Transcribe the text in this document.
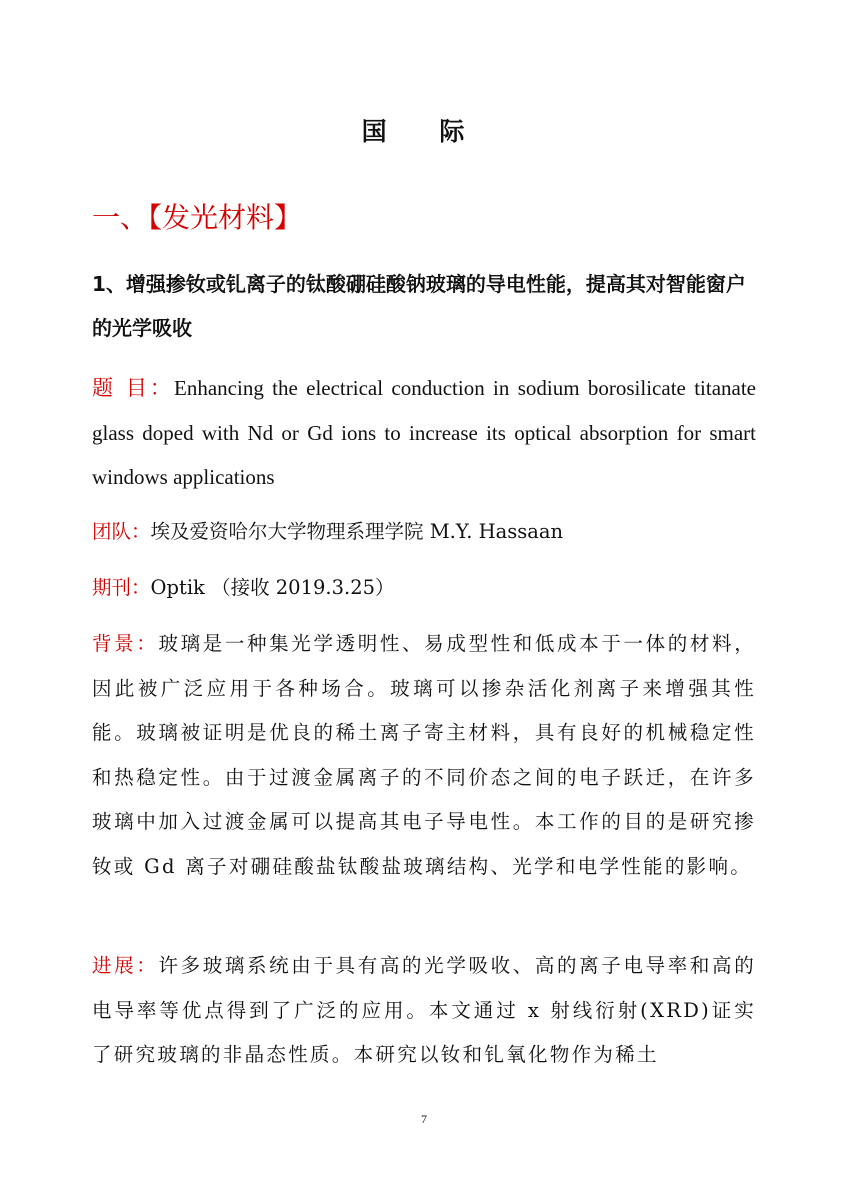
国 际
一、【发光材料】
1、增强掺钕或钆离子的钛酸硼硅酸钠玻璃的导电性能，提高其对智能窗户的光学吸收
题 目：Enhancing the electrical conduction in sodium borosilicate titanate glass doped with Nd or Gd ions to increase its optical absorption for smart windows applications
团队：埃及爱资哈尔大学物理系理学院 M.Y. Hassaan
期刊：Optik （接收 2019.3.25）
背景：玻璃是一种集光学透明性、易成型性和低成本于一体的材料，因此被广泛应用于各种场合。玻璃可以掺杂活化剂离子来增强其性能。玻璃被证明是优良的稀土离子寄主材料，具有良好的机械稳定性和热稳定性。由于过渡金属离子的不同价态之间的电子跃迁，在许多玻璃中加入过渡金属可以提高其电子导电性。本工作的目的是研究掺钕或 Gd 离子对硼硅酸盐钛酸盐玻璃结构、光学和电学性能的影响。
进展：许多玻璃系统由于具有高的光学吸收、高的离子电导率和高的电导率等优点得到了广泛的应用。本文通过 x 射线衍射(XRD)证实了研究玻璃的非晶态性质。本研究以钕和钆氧化物作为稀土
7
